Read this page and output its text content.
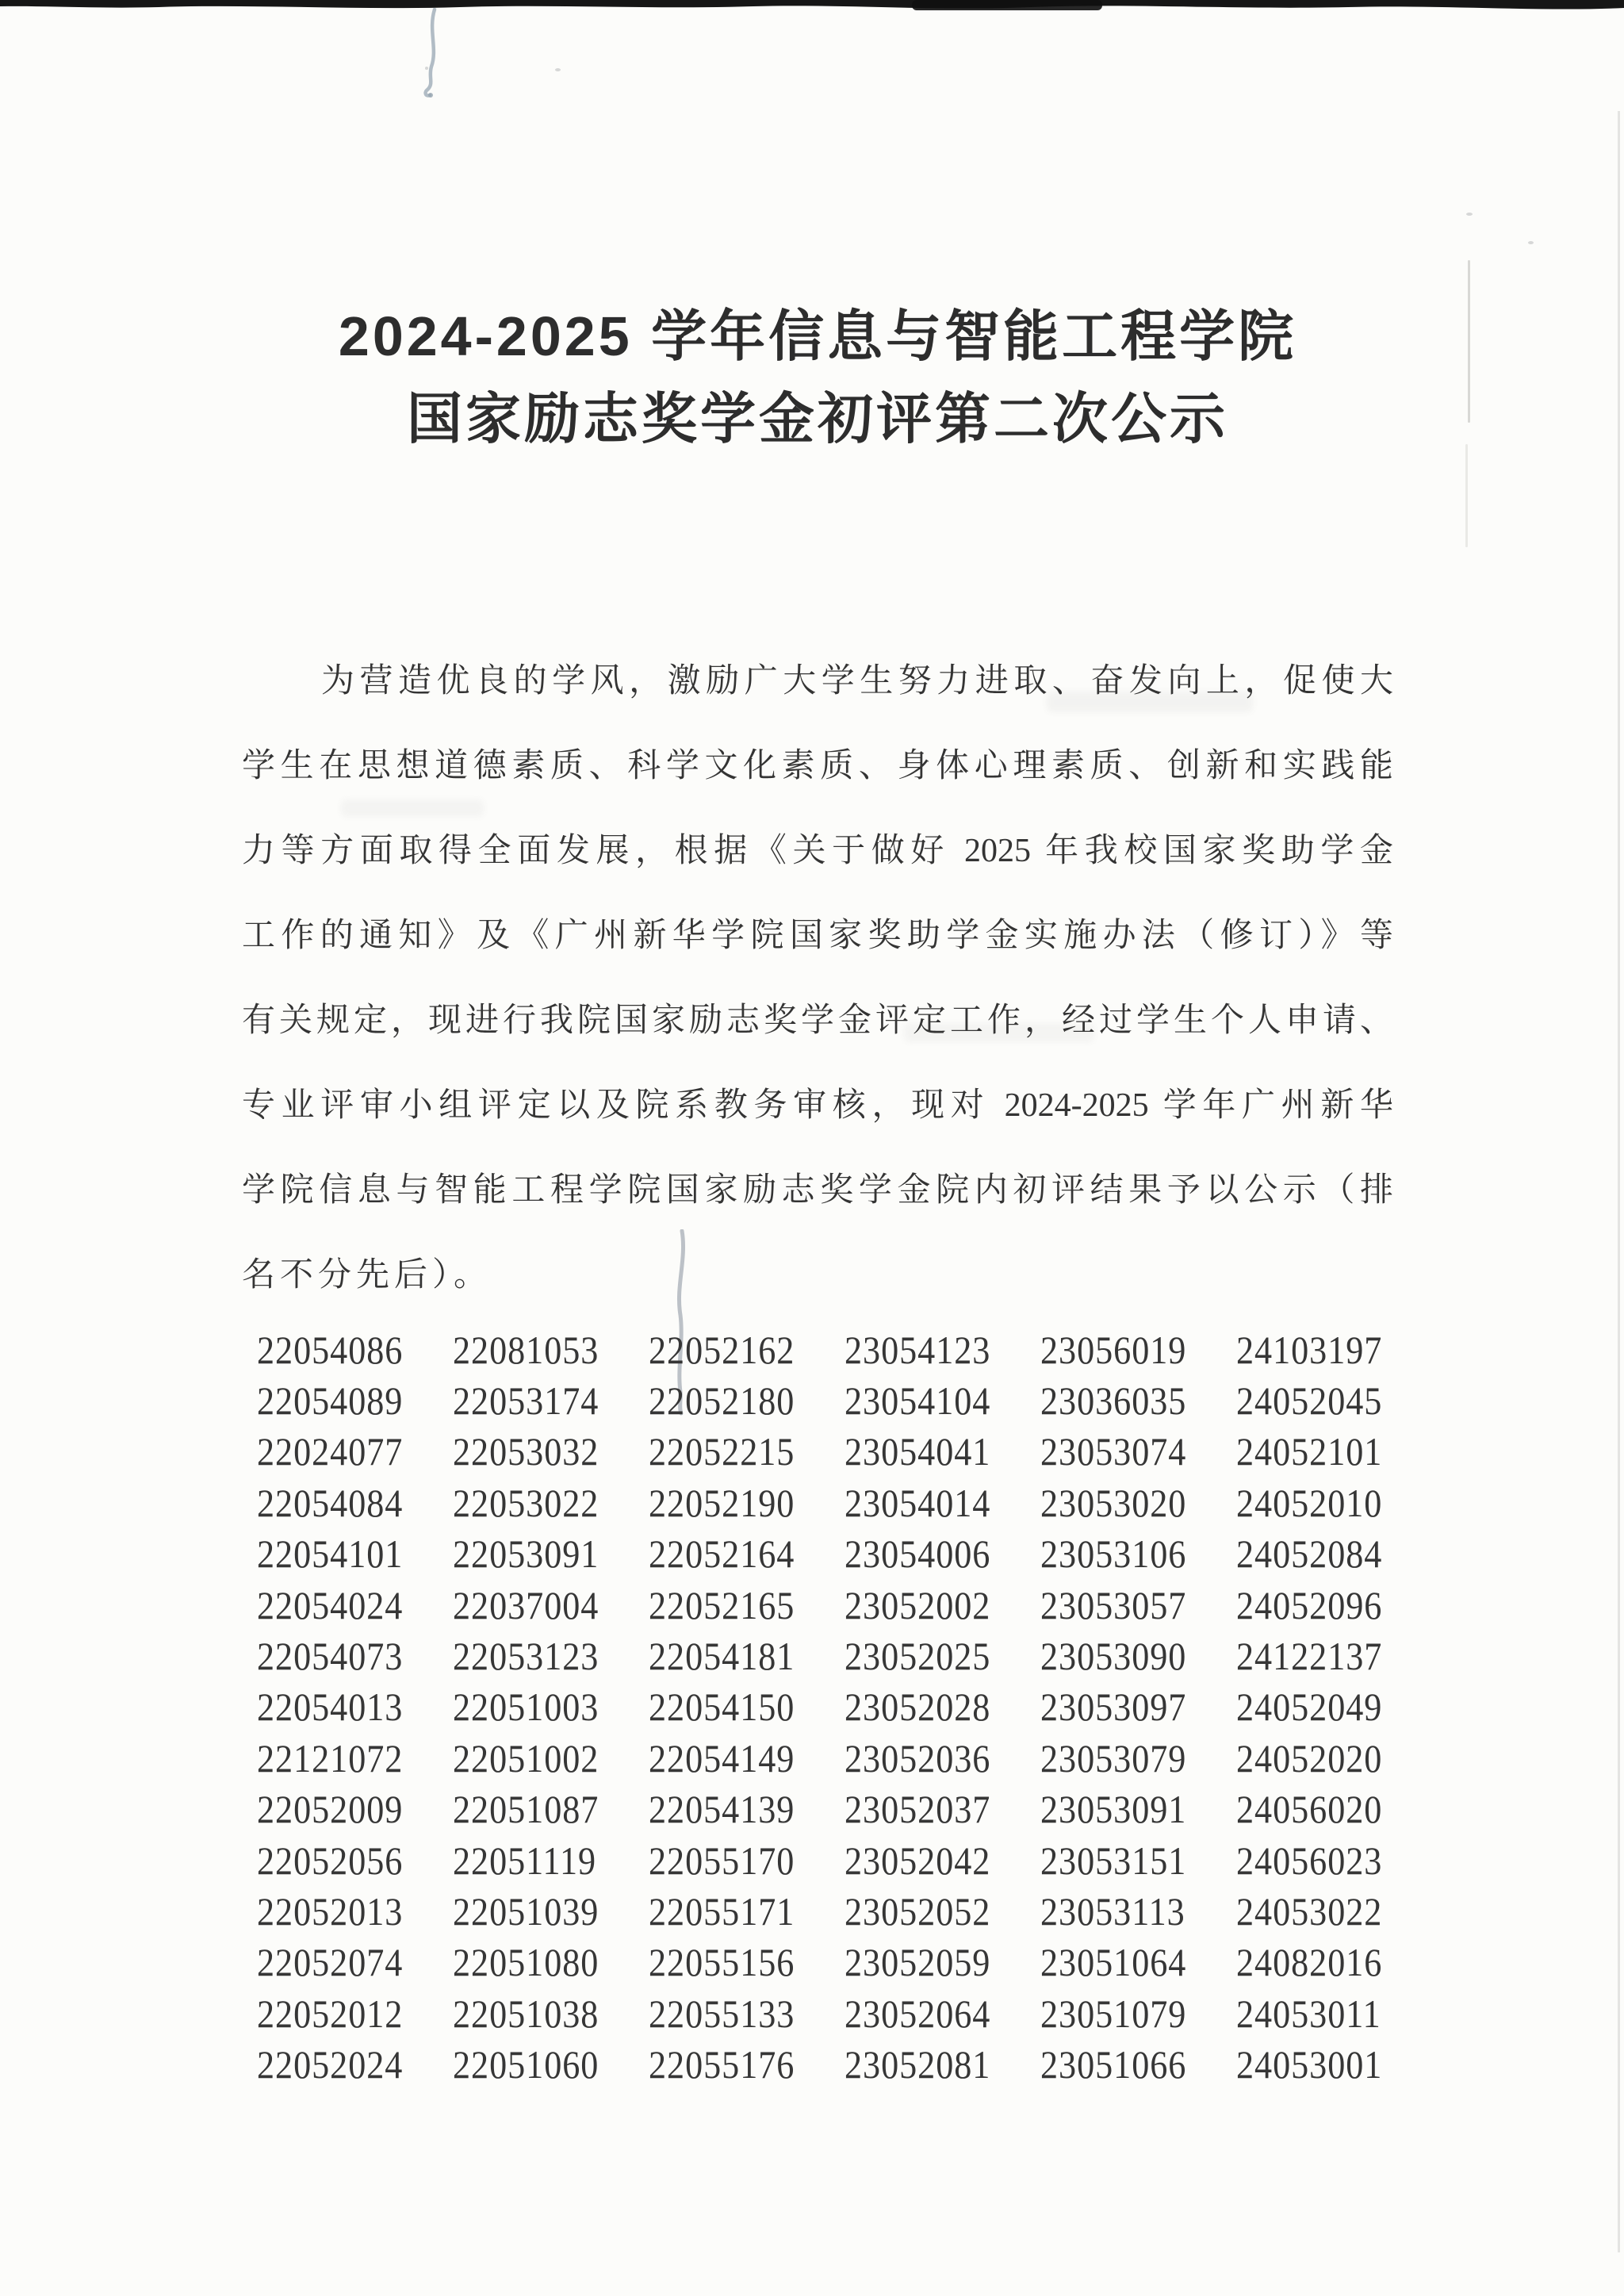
2024-2025 学年信息与智能工程学院
国家励志奖学金初评第二次公示
为营造优良的学风，激励广大学生努力进取、奋发向上，促使大
学生在思想道德素质、科学文化素质、身体心理素质、创新和实践能
力等方面取得全面发展，根据《关于做好 2025 年我校国家奖助学金
工作的通知》及《广州新华学院国家奖助学金实施办法（修订）》等
有关规定，现进行我院国家励志奖学金评定工作，经过学生个人申请、
专业评审小组评定以及院系教务审核，现对 2024-2025 学年广州新华
学院信息与智能工程学院国家励志奖学金院内初评结果予以公示（排
名不分先后）。
22054086 22081053 22052162 23054123 23056019 24103197
22054089 22053174 22052180 23054104 23036035 24052045
22024077 22053032 22052215 23054041 23053074 24052101
22054084 22053022 22052190 23054014 23053020 24052010
22054101 22053091 22052164 23054006 23053106 24052084
22054024 22037004 22052165 23052002 23053057 24052096
22054073 22053123 22054181 23052025 23053090 24122137
22054013 22051003 22054150 23052028 23053097 24052049
22121072 22051002 22054149 23052036 23053079 24052020
22052009 22051087 22054139 23052037 23053091 24056020
22052056 22051119 22055170 23052042 23053151 24056023
22052013 22051039 22055171 23052052 23053113 24053022
22052074 22051080 22055156 23052059 23051064 24082016
22052012 22051038 22055133 23052064 23051079 24053011
22052024 22051060 22055176 23052081 23051066 24053001
